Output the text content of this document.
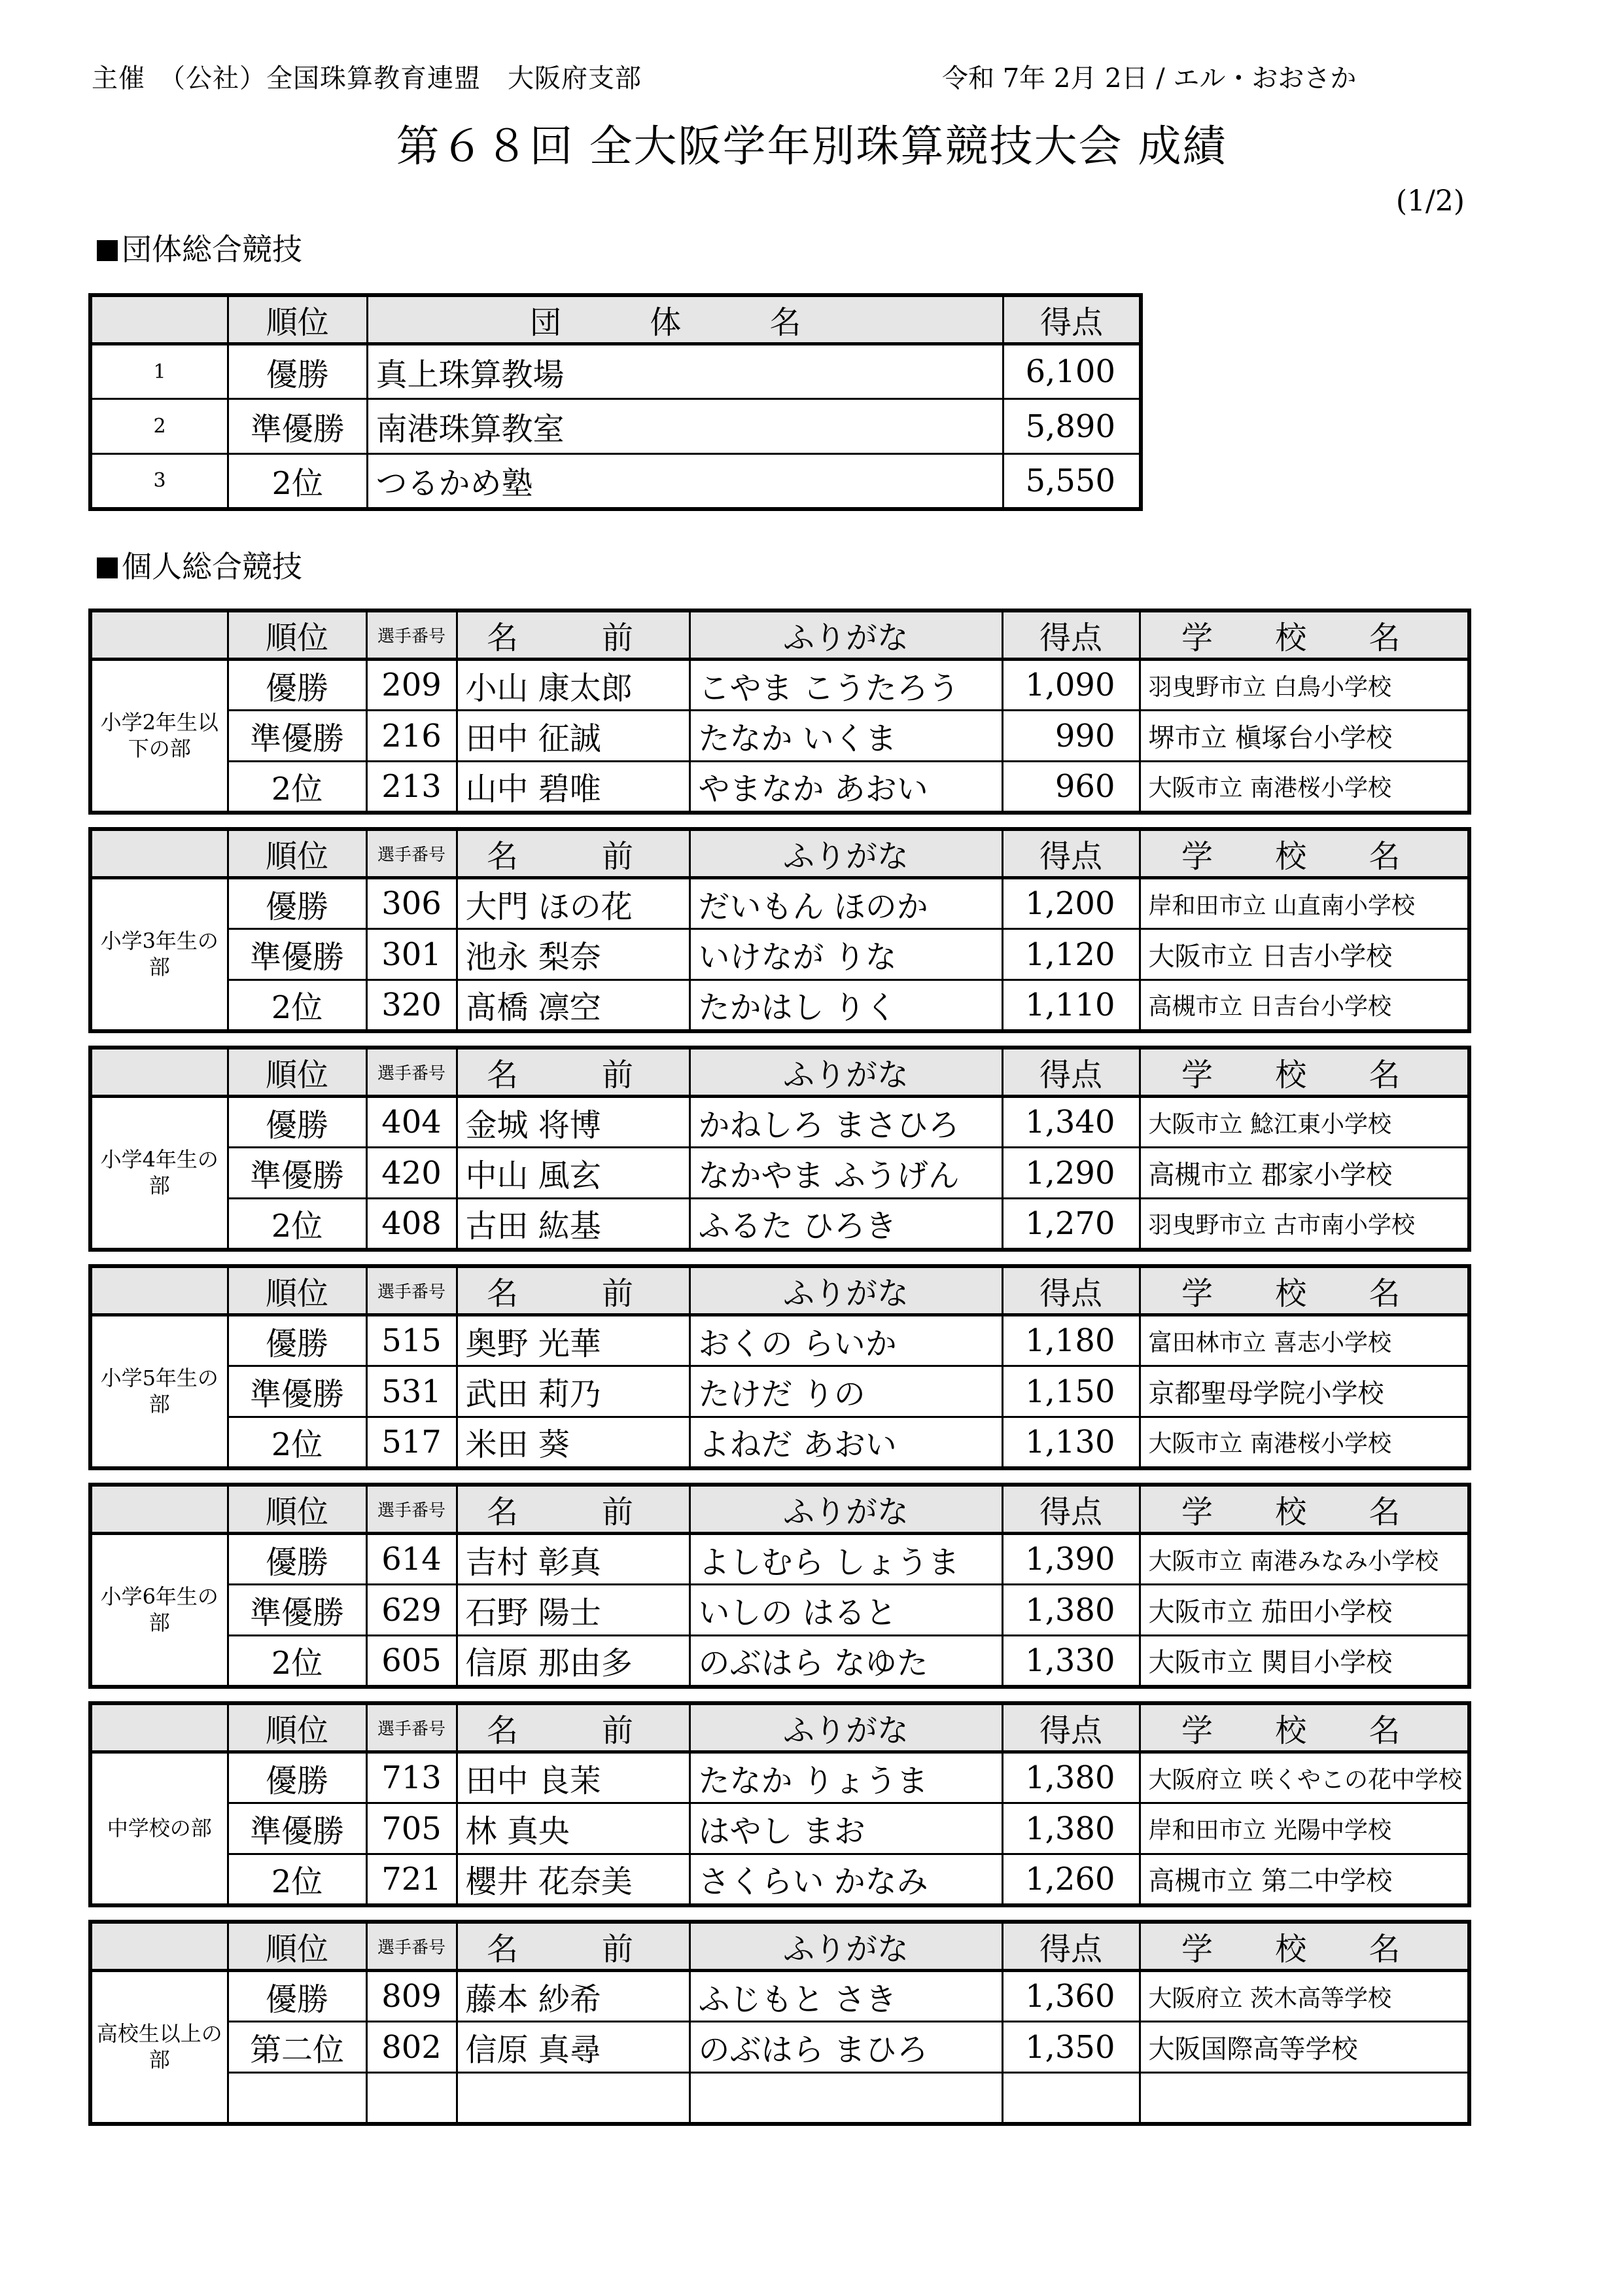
主催　（公社）全国珠算教育連盟　大阪府支部	令和 7年 2月 2日 / エル・おおさか
第６８回 全大阪学年別珠算競技大会 成績
(1/2)
団体総合競技
	順位	団 体 名	得点
1	優勝	真上珠算教場	6,100
2	準優勝	南港珠算教室	5,890
3	2位	つるかめ塾	5,550
個人総合競技
	順位	選手番号	名　前	ふりがな	得点	学 校 名
小学2年生以下の部	優勝	209	小山 康太郎	こやま こうたろう	1,090	羽曳野市立 白鳥小学校
	準優勝	216	田中 征誠	たなか いくま	990	堺市立 槇塚台小学校
	2位	213	山中 碧唯	やまなか あおい	960	大阪市立 南港桜小学校
	順位	選手番号	名　前	ふりがな	得点	学 校 名
小学3年生の部	優勝	306	大門 ほの花	だいもん ほのか	1,200	岸和田市立 山直南小学校
	準優勝	301	池永 梨奈	いけなが りな	1,120	大阪市立 日吉小学校
	2位	320	髙橋 凛空	たかはし りく	1,110	高槻市立 日吉台小学校
	順位	選手番号	名　前	ふりがな	得点	学 校 名
小学4年生の部	優勝	404	金城 将博	かねしろ まさひろ	1,340	大阪市立 鯰江東小学校
	準優勝	420	中山 風玄	なかやま ふうげん	1,290	高槻市立 郡家小学校
	2位	408	古田 紘基	ふるた ひろき	1,270	羽曳野市立 古市南小学校
	順位	選手番号	名　前	ふりがな	得点	学 校 名
小学5年生の部	優勝	515	奥野 光華	おくの らいか	1,180	富田林市立 喜志小学校
	準優勝	531	武田 莉乃	たけだ りの	1,150	京都聖母学院小学校
	2位	517	米田 葵	よねだ あおい	1,130	大阪市立 南港桜小学校
	順位	選手番号	名　前	ふりがな	得点	学 校 名
小学6年生の部	優勝	614	吉村 彰真	よしむら しょうま	1,390	大阪市立 南港みなみ小学校
	準優勝	629	石野 陽士	いしの はると	1,380	大阪市立 茄田小学校
	2位	605	信原 那由多	のぶはら なゆた	1,330	大阪市立 関目小学校
	順位	選手番号	名　前	ふりがな	得点	学 校 名
中学校の部	優勝	713	田中 良茉	たなか りょうま	1,380	大阪府立 咲くやこの花中学校
	準優勝	705	林 真央	はやし まお	1,380	岸和田市立 光陽中学校
	2位	721	櫻井 花奈美	さくらい かなみ	1,260	高槻市立 第二中学校
	順位	選手番号	名　前	ふりがな	得点	学 校 名
高校生以上の部	優勝	809	藤本 紗希	ふじもと さき	1,360	大阪府立 茨木高等学校
	第二位	802	信原 真尋	のぶはら まひろ	1,350	大阪国際高等学校
